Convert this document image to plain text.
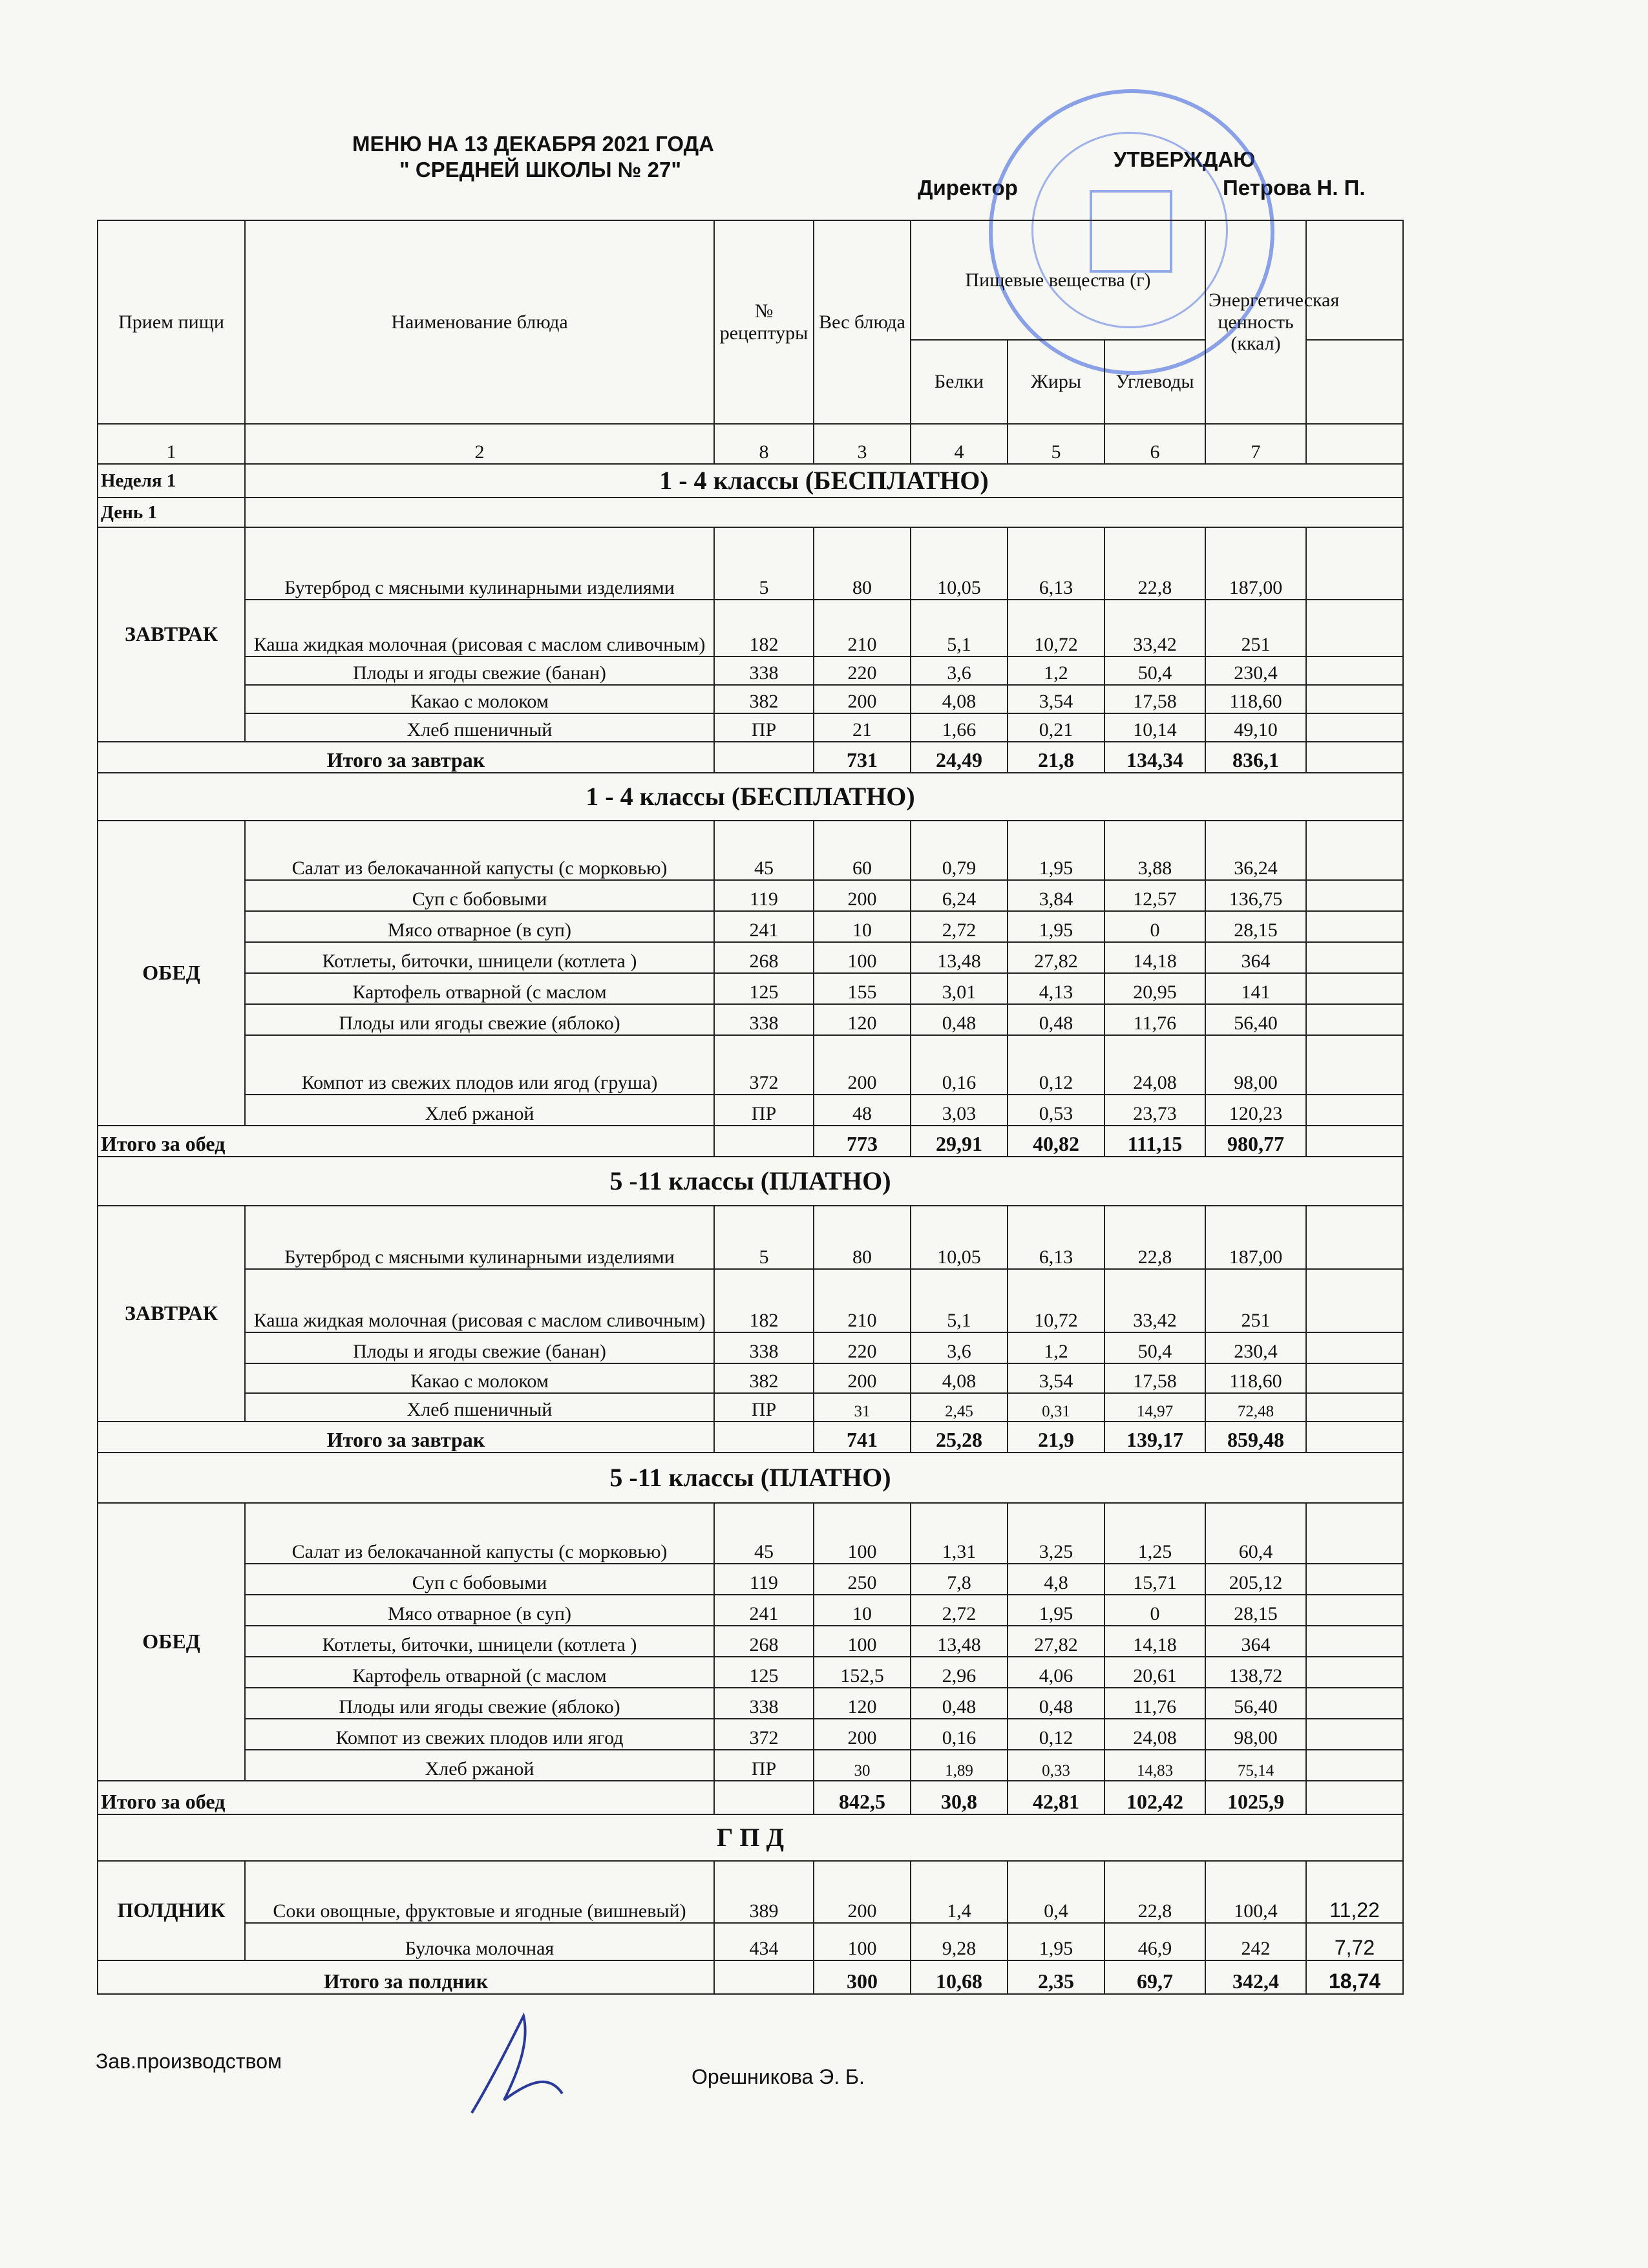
МЕНЮ НА 13 ДЕКАБРЯ 2021 ГОДА
" СРЕДНЕЙ ШКОЛЫ № 27"	УТВЕРЖДАЮ
Директор	Петрова Н. П.
Прием пищи	Наименование блюда	№ рецептуры	Вес блюда	Пищевые вещества (г)			Энергетическая ценность (ккал)	
				Белки	Жиры	Углеводы		
1	2	8	3	4	5	6	7	
Неделя 1	1 - 4 классы (БЕСПЛАТНО)							
День 1								
ЗАВТРАК	Бутерброд с мясными кулинарными изделиями	5	80	10,05	6,13	22,8	187,00	
	Каша жидкая молочная (рисовая с маслом сливочным)	182	210	5,1	10,72	33,42	251	
	Плоды и ягоды свежие (банан)	338	220	3,6	1,2	50,4	230,4	
	Какао с молоком	382	200	4,08	3,54	17,58	118,60	
	Хлеб пшеничный	ПР	21	1,66	0,21	10,14	49,10	
Итого за завтрак			731	24,49	21,8	134,34	836,1	
1 - 4 классы (БЕСПЛАТНО)								
ОБЕД	Салат из белокачанной капусты (с морковью)	45	60	0,79	1,95	3,88	36,24	
	Суп с бобовыми	119	200	6,24	3,84	12,57	136,75	
	Мясо отварное (в суп)	241	10	2,72	1,95	0	28,15	
	Котлеты, биточки, шницели (котлета )	268	100	13,48	27,82	14,18	364	
	Картофель отварной (с маслом	125	155	3,01	4,13	20,95	141	
	Плоды или ягоды свежие (яблоко)	338	120	0,48	0,48	11,76	56,40	
	Компот из свежих плодов или ягод (груша)	372	200	0,16	0,12	24,08	98,00	
	Хлеб ржаной	ПР	48	3,03	0,53	23,73	120,23	
Итого за обед			773	29,91	40,82	111,15	980,77	
5 -11 классы (ПЛАТНО)								
ЗАВТРАК	Бутерброд с мясными кулинарными изделиями	5	80	10,05	6,13	22,8	187,00	
	Каша жидкая молочная (рисовая с маслом сливочным)	182	210	5,1	10,72	33,42	251	
	Плоды и ягоды свежие (банан)	338	220	3,6	1,2	50,4	230,4	
	Какао с молоком	382	200	4,08	3,54	17,58	118,60	
	Хлеб пшеничный	ПР	31	2,45	0,31	14,97	72,48	
Итого за завтрак			741	25,28	21,9	139,17	859,48	
5 -11 классы (ПЛАТНО)								
ОБЕД	Салат из белокачанной капусты (с морковью)	45	100	1,31	3,25	1,25	60,4	
	Суп с бобовыми	119	250	7,8	4,8	15,71	205,12	
	Мясо отварное (в суп)	241	10	2,72	1,95	0	28,15	
	Котлеты, биточки, шницели (котлета )	268	100	13,48	27,82	14,18	364	
	Картофель отварной (с маслом	125	152,5	2,96	4,06	20,61	138,72	
	Плоды или ягоды свежие (яблоко)	338	120	0,48	0,48	11,76	56,40	
	Компот из свежих плодов или ягод	372	200	0,16	0,12	24,08	98,00	
	Хлеб ржаной	ПР	30	1,89	0,33	14,83	75,14	
Итого за обед			842,5	30,8	42,81	102,42	1025,9	
Г П Д								
ПОЛДНИК	Соки овощные, фруктовые и ягодные (вишневый)	389	200	1,4	0,4	22,8	100,4	11,22
	Булочка молочная	434	100	9,28	1,95	46,9	242	7,72
Итого за полдник			300	10,68	2,35	69,7	342,4	18,74
Зав.производством
Орешникова Э. Б.
